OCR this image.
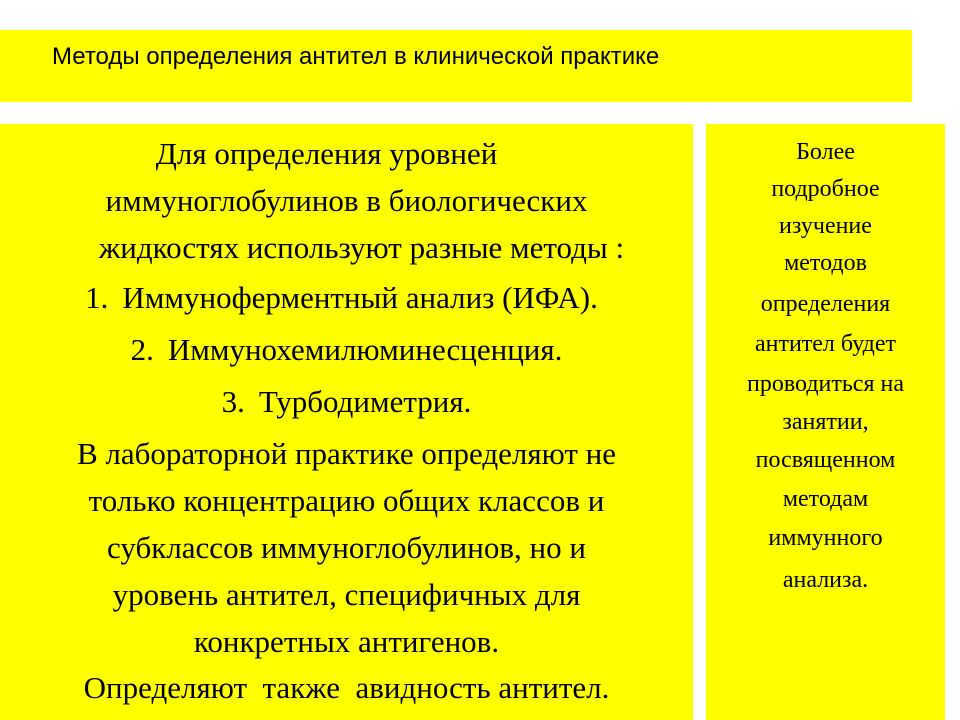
Методы определения антител в клинической практике
Для определения уровней
иммуноглобулинов в биологических
жидкостях используют разные методы :
1. Иммуноферментный анализ (ИФА).
2. Иммунохемилюминесценция.
3. Турбодиметрия.
В лабораторной практике определяют не
только концентрацию общих классов и
субклассов иммуноглобулинов, но и
уровень антител, специфичных для
конкретных антигенов.
Определяют  также  авидность антител.
Более
подробное
изучение
методов
определения
антител будет
проводиться на
занятии,
посвященном
методам
иммунного
анализа.
